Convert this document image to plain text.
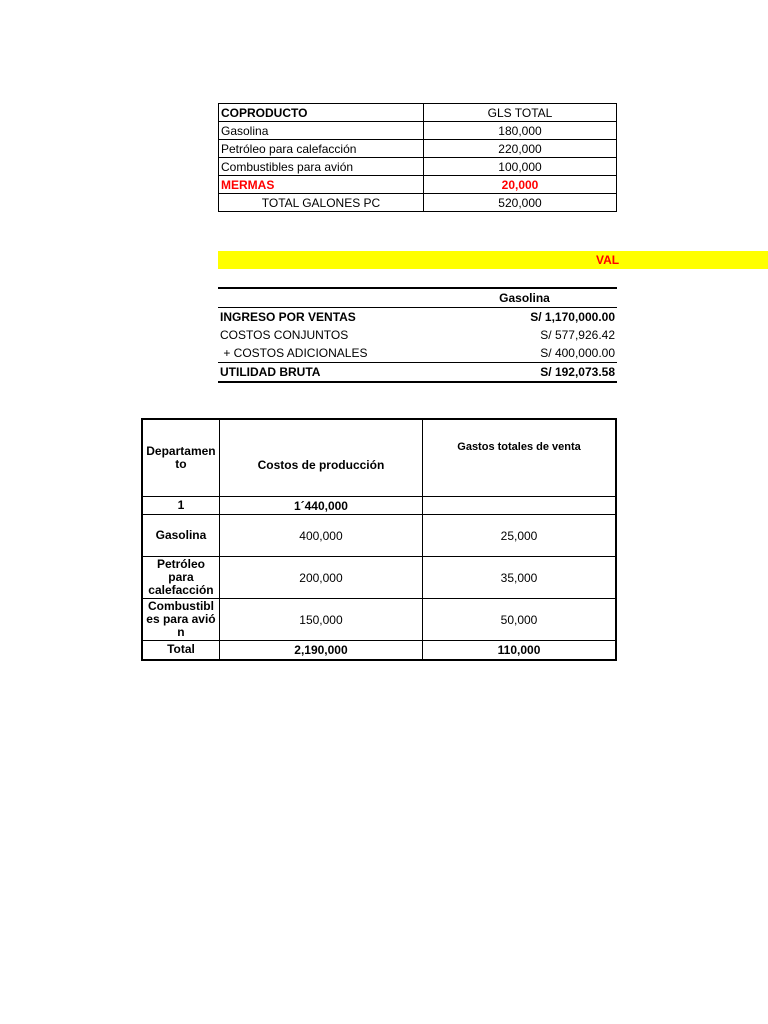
COPRODUCTO	GLS TOTAL
Gasolina	180,000
Petróleo para calefacción	220,000
Combustibles para avión	100,000
MERMAS	20,000
TOTAL GALONES PC	520,000
VAL
	Gasolina
INGRESO POR VENTAS	S/ 1,170,000.00
COSTOS CONJUNTOS	S/ 577,926.42
+ COSTOS ADICIONALES	S/ 400,000.00
UTILIDAD BRUTA	S/ 192,073.58
Departamento	Costos de producción	Gastos totales de venta
1	1´440,000	
Gasolina	400,000	25,000
Petróleo para calefacción	200,000	35,000
Combustibles para avión	150,000	50,000
Total	2,190,000	110,000
